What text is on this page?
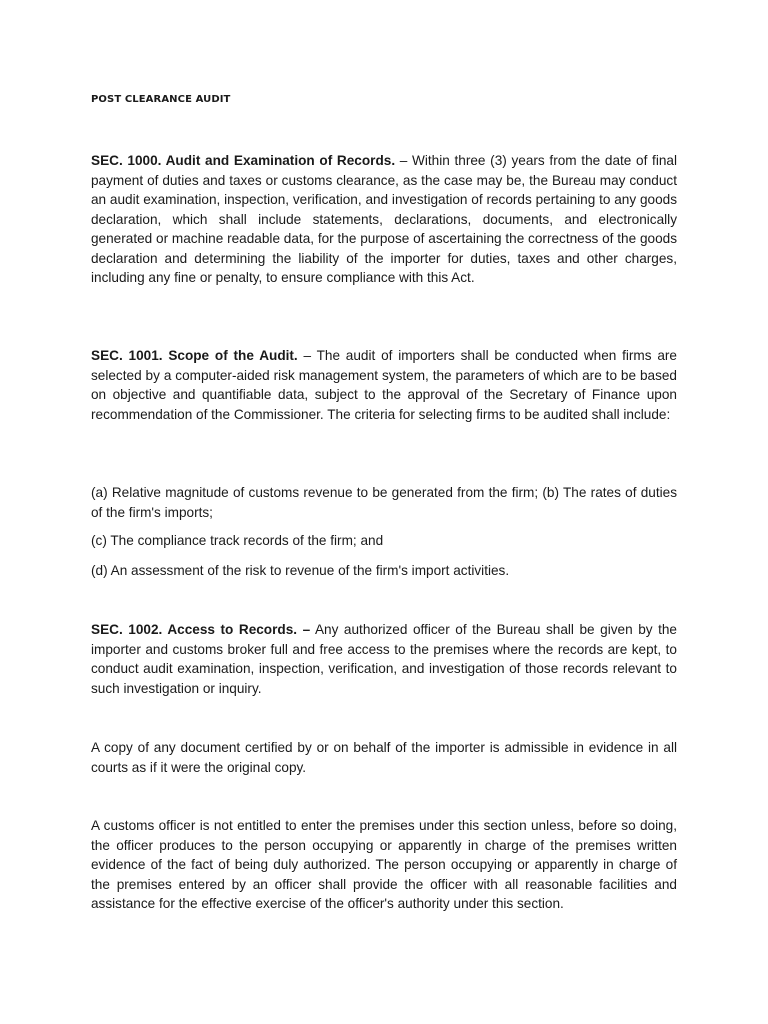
POST CLEARANCE AUDIT

SEC. 1000. Audit and Examination of Records. – Within three (3) years from the date of final payment of duties and taxes or customs clearance, as the case may be, the Bureau may conduct an audit examination, inspection, verification, and investigation of records pertaining to any goods declaration, which shall include statements, declarations, documents, and electronically generated or machine readable data, for the purpose of ascertaining the correctness of the goods declaration and determining the liability of the importer for duties, taxes and other charges, including any fine or penalty, to ensure compliance with this Act.

SEC. 1001. Scope of the Audit. – The audit of importers shall be conducted when firms are selected by a computer-aided risk management system, the parameters of which are to be based on objective and quantifiable data, subject to the approval of the Secretary of Finance upon recommendation of the Commissioner. The criteria for selecting firms to be audited shall include:

(a) Relative magnitude of customs revenue to be generated from the firm; (b) The rates of duties of the firm's imports;

(c) The compliance track records of the firm; and

(d) An assessment of the risk to revenue of the firm's import activities.

SEC. 1002. Access to Records. – Any authorized officer of the Bureau shall be given by the importer and customs broker full and free access to the premises where the records are kept, to conduct audit examination, inspection, verification, and investigation of those records relevant to such investigation or inquiry.

A copy of any document certified by or on behalf of the importer is admissible in evidence in all courts as if it were the original copy.

A customs officer is not entitled to enter the premises under this section unless, before so doing, the officer produces to the person occupying or apparently in charge of the premises written evidence of the fact of being duly authorized. The person occupying or apparently in charge of the premises entered by an officer shall provide the officer with all reasonable facilities and assistance for the effective exercise of the officer's authority under this section.
